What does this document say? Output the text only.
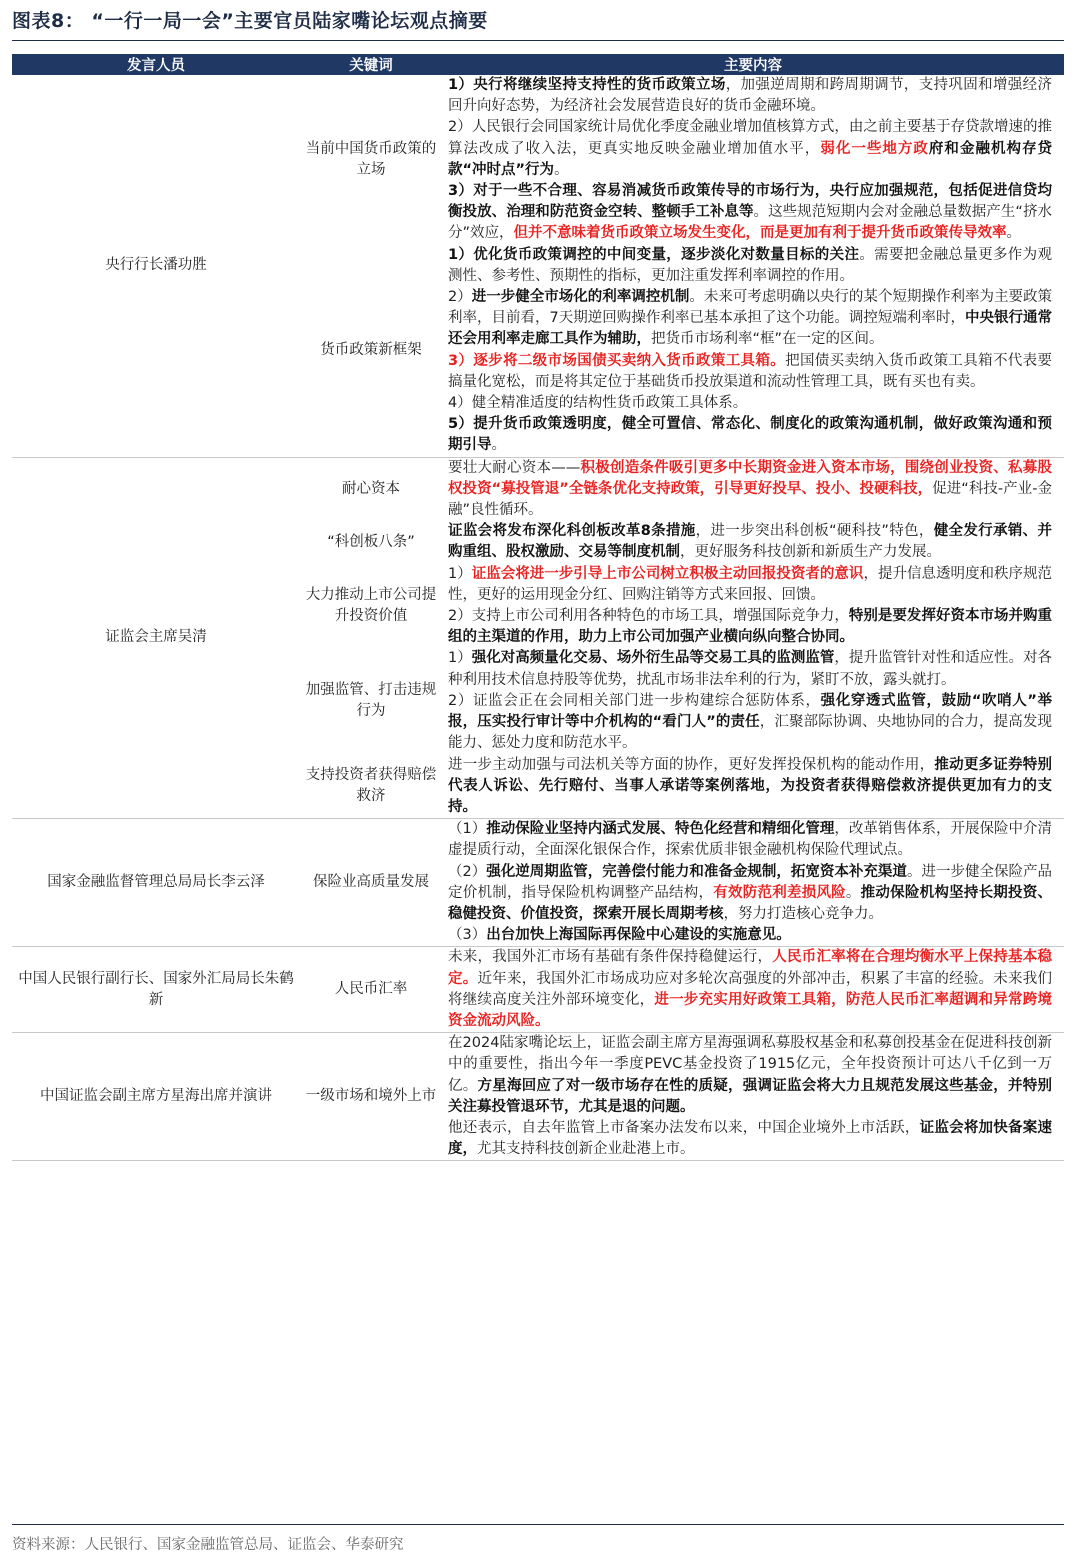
图表8： “一行一局一会”主要官员陆家嘴论坛观点摘要
发言人员	关键词	主要内容
央行行长潘功胜	当前中国货币政策的立场	1）央行将继续坚持支持性的货币政策立场，加强逆周期和跨周期调节，支持巩固和增强经济回升向好态势，为经济社会发展营造良好的货币金融环境。

2）人民银行会同国家统计局优化季度金融业增加值核算方式，由之前主要基于存贷款增速的推算法改成了收入法，更真实地反映金融业增加值水平，弱化一些地方政府和金融机构存贷款“冲时点”行为。

3）对于一些不合理、容易消减货币政策传导的市场行为，央行应加强规范，包括促进信贷均衡投放、治理和防范资金空转、整顿手工补息等。这些规范短期内会对金融总量数据产生“挤水分”效应，但并不意味着货币政策立场发生变化，而是更加有利于提升货币政策传导效率。

	货币政策新框架	1）优化货币政策调控的中间变量，逐步淡化对数量目标的关注。需要把金融总量更多作为观测性、参考性、预期性的指标，更加注重发挥利率调控的作用。

2）进一步健全市场化的利率调控机制。未来可考虑明确以央行的某个短期操作利率为主要政策利率，目前看，7天期逆回购操作利率已基本承担了这个功能。调控短端利率时，中央银行通常还会用利率走廊工具作为辅助，把货币市场利率“框”在一定的区间。

3）逐步将二级市场国债买卖纳入货币政策工具箱。把国债买卖纳入货币政策工具箱不代表要搞量化宽松，而是将其定位于基础货币投放渠道和流动性管理工具，既有买也有卖。

4）健全精准适度的结构性货币政策工具体系。

5）提升货币政策透明度，健全可置信、常态化、制度化的政策沟通机制，做好政策沟通和预期引导。

证监会主席吴清	耐心资本	要壮大耐心资本——积极创造条件吸引更多中长期资金进入资本市场，围绕创业投资、私募股权投资“募投管退”全链条优化支持政策，引导更好投早、投小、投硬科技，促进“科技-产业-金融”良性循环。

	“科创板八条”	证监会将发布深化科创板改革8条措施，进一步突出科创板“硬科技”特色，健全发行承销、并购重组、股权激励、交易等制度机制，更好服务科技创新和新质生产力发展。

	大力推动上市公司提升投资价值	1）证监会将进一步引导上市公司树立积极主动回报投资者的意识，提升信息透明度和秩序规范性，更好的运用现金分红、回购注销等方式来回报、回馈。

2）支持上市公司利用各种特色的市场工具，增强国际竞争力，特别是要发挥好资本市场并购重组的主渠道的作用，助力上市公司加强产业横向纵向整合协同。

	加强监管、打击违规行为	1）强化对高频量化交易、场外衍生品等交易工具的监测监管，提升监管针对性和适应性。对各种利用技术信息持股等优势，扰乱市场非法牟利的行为，紧盯不放，露头就打。

2）证监会正在会同相关部门进一步构建综合惩防体系，强化穿透式监管，鼓励“吹哨人”举报，压实投行审计等中介机构的“看门人”的责任，汇聚部际协调、央地协同的合力，提高发现能力、惩处力度和防范水平。

	支持投资者获得赔偿救济	进一步主动加强与司法机关等方面的协作，更好发挥投保机构的能动作用，推动更多证券特别代表人诉讼、先行赔付、当事人承诺等案例落地，为投资者获得赔偿救济提供更加有力的支持。

国家金融监督管理总局局长李云泽	保险业高质量发展	（1）推动保险业坚持内涵式发展、特色化经营和精细化管理，改革销售体系，开展保险中介清虚提质行动，全面深化银保合作，探索优质非银金融机构保险代理试点。

（2）强化逆周期监管，完善偿付能力和准备金规制，拓宽资本补充渠道。进一步健全保险产品定价机制，指导保险机构调整产品结构，有效防范利差损风险。推动保险机构坚持长期投资、稳健投资、价值投资，探索开展长周期考核，努力打造核心竞争力。

（3）出台加快上海国际再保险中心建设的实施意见。

中国人民银行副行长、国家外汇局局长朱鹤新	人民币汇率	未来，我国外汇市场有基础有条件保持稳健运行，人民币汇率将在合理均衡水平上保持基本稳定。近年来，我国外汇市场成功应对多轮次高强度的外部冲击，积累了丰富的经验。未来我们将继续高度关注外部环境变化，进一步充实用好政策工具箱，防范人民币汇率超调和异常跨境资金流动风险。

中国证监会副主席方星海出席并演讲	一级市场和境外上市	在2024陆家嘴论坛上，证监会副主席方星海强调私募股权基金和私募创投基金在促进科技创新中的重要性，指出今年一季度PEVC基金投资了1915亿元，全年投资预计可达八千亿到一万亿。方星海回应了对一级市场存在性的质疑，强调证监会将大力且规范发展这些基金，并特别关注募投管退环节，尤其是退的问题。

他还表示，自去年监管上市备案办法发布以来，中国企业境外上市活跃，证监会将加快备案速度，尤其支持科技创新企业赴港上市。

资料来源：人民银行、国家金融监管总局、证监会、华泰研究
